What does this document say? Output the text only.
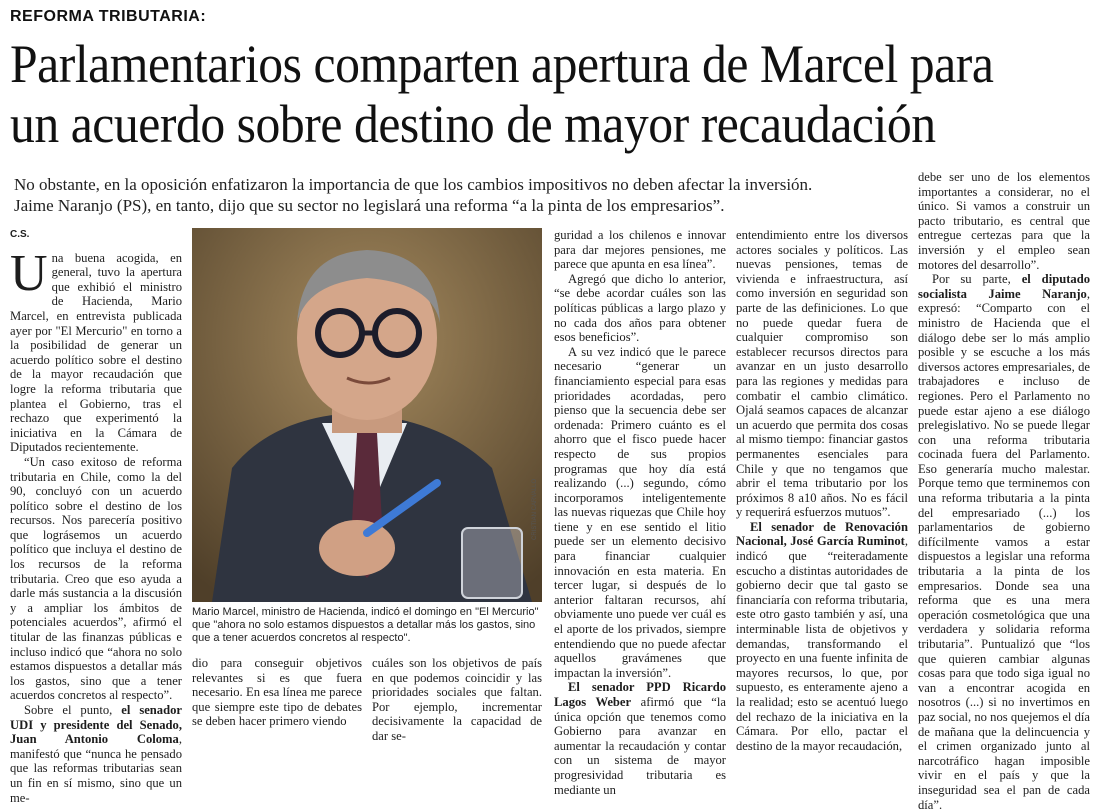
REFORMA TRIBUTARIA:
Parlamentarios comparten apertura de Marcel para
un acuerdo sobre destino de mayor recaudación
No obstante, en la oposición enfatizaron la importancia de que los cambios impositivos no deben afectar la inversión.
Jaime Naranjo (PS), en tanto, dijo que su sector no legislará una reforma “a la pinta de los empresarios”.
C.S.

Una buena acogida, en general, tuvo la apertura que exhibió el ministro de Hacienda, Mario Marcel, en entrevista publicada ayer por "El Mercurio" en torno a la posibilidad de generar un acuerdo político sobre el destino de la mayor recaudación que logre la reforma tributaria que plantea el Gobierno, tras el rechazo que experimentó la iniciativa en la Cámara de Diputados recientemente.

“Un caso exitoso de reforma tributaria en Chile, como la del 90, concluyó con un acuerdo político sobre el destino de los recursos. Nos parecería positivo que lográsemos un acuerdo político que incluya el destino de los recursos de la reforma tributaria. Creo que eso ayuda a darle más sustancia a la discusión y a ampliar los ámbitos de potenciales acuerdos”, afirmó el titular de las finanzas públicas e incluso indicó que “ahora no solo estamos dispuestos a detallar más los gastos, sino que a tener acuerdos concretos al respecto”.

Sobre el punto, el senador UDI y presidente del Senado, Juan Antonio Coloma, manifestó que “nunca he pensado que las reformas tributarias sean un fin en sí mismo, sino que un me-

CRISTIAN CARVALLO
Mario Marcel, ministro de Hacienda, indicó el domingo en "El Mercurio" que "ahora no solo estamos dispuestos a detallar más los gastos, sino que a tener acuerdos concretos al respecto".

dio para conseguir objetivos relevantes si es que fuera necesario. En esa línea me parece que siempre este tipo de debates se deben hacer primero viendo

cuáles son los objetivos de país en que podemos coincidir y las prioridades sociales que faltan. Por ejemplo, incrementar decisivamente la capacidad de dar se-

guridad a los chilenos e innovar para dar mejores pensiones, me parece que apunta en esa línea”.

Agregó que dicho lo anterior, “se debe acordar cuáles son las políticas públicas a largo plazo y no cada dos años para obtener esos beneficios”.

A su vez indicó que le parece necesario “generar un financiamiento especial para esas prioridades acordadas, pero pienso que la secuencia debe ser ordenada: Primero cuánto es el ahorro que el fisco puede hacer respecto de sus propios programas que hoy día está realizando (...) segundo, cómo incorporamos inteligentemente las nuevas riquezas que Chile hoy tiene y en ese sentido el litio puede ser un elemento decisivo para financiar cualquier innovación en esta materia. En tercer lugar, si después de lo anterior faltaran recursos, ahí obviamente uno puede ver cuál es el aporte de los privados, siempre entendiendo que no puede afectar aquellos gravámenes que impactan la inversión”.

El senador PPD Ricardo Lagos Weber afirmó que “la única opción que tenemos como Gobierno para avanzar en aumentar la recaudación y contar con un sistema de mayor progresividad tributaria es mediante un

entendimiento entre los diversos actores sociales y políticos. Las nuevas pensiones, temas de vivienda e infraestructura, así como inversión en seguridad son parte de las definiciones. Lo que no puede quedar fuera de cualquier compromiso son establecer recursos directos para avanzar en un justo desarrollo para las regiones y medidas para combatir el cambio climático. Ojalá seamos capaces de alcanzar un acuerdo que permita dos cosas al mismo tiempo: financiar gastos permanentes esenciales para Chile y que no tengamos que abrir el tema tributario por los próximos 8 a10 años. No es fácil y requerirá esfuerzos mutuos”.

El senador de Renovación Nacional, José García Ruminot, indicó que “reiteradamente escucho a distintas autoridades de gobierno decir que tal gasto se financiaría con reforma tributaria, este otro gasto también y así, una interminable lista de objetivos y demandas, transformando el proyecto en una fuente infinita de mayores recursos, lo que, por supuesto, es enteramente ajeno a la realidad; esto se acentuó luego del rechazo de la iniciativa en la Cámara. Por ello, pactar el destino de la mayor recaudación,

debe ser uno de los elementos importantes a considerar, no el único. Si vamos a construir un pacto tributario, es central que entregue certezas para que la inversión y el empleo sean motores del desarrollo”.

Por su parte, el diputado socialista Jaime Naranjo, expresó: “Comparto con el ministro de Hacienda que el diálogo debe ser lo más amplio posible y se escuche a los más diversos actores empresariales, de trabajadores e incluso de regiones. Pero el Parlamento no puede estar ajeno a ese diálogo prelegislativo. No se puede llegar con una reforma tributaria cocinada fuera del Parlamento. Eso generaría mucho malestar. Porque temo que terminemos con una reforma tributaria a la pinta del empresariado (...) los parlamentarios de gobierno difícilmente vamos a estar dispuestos a legislar una reforma tributaria a la pinta de los empresarios. Donde sea una reforma que es una mera operación cosmetológica que una verdadera y solidaria reforma tributaria”. Puntualizó que “los que quieren cambiar algunas cosas para que todo siga igual no van a encontrar acogida en nosotros (...) si no invertimos en paz social, no nos quejemos el día de mañana que la delincuencia y el crimen organizado junto al narcotráfico hagan imposible vivir en el país y que la inseguridad sea el pan de cada día”.
